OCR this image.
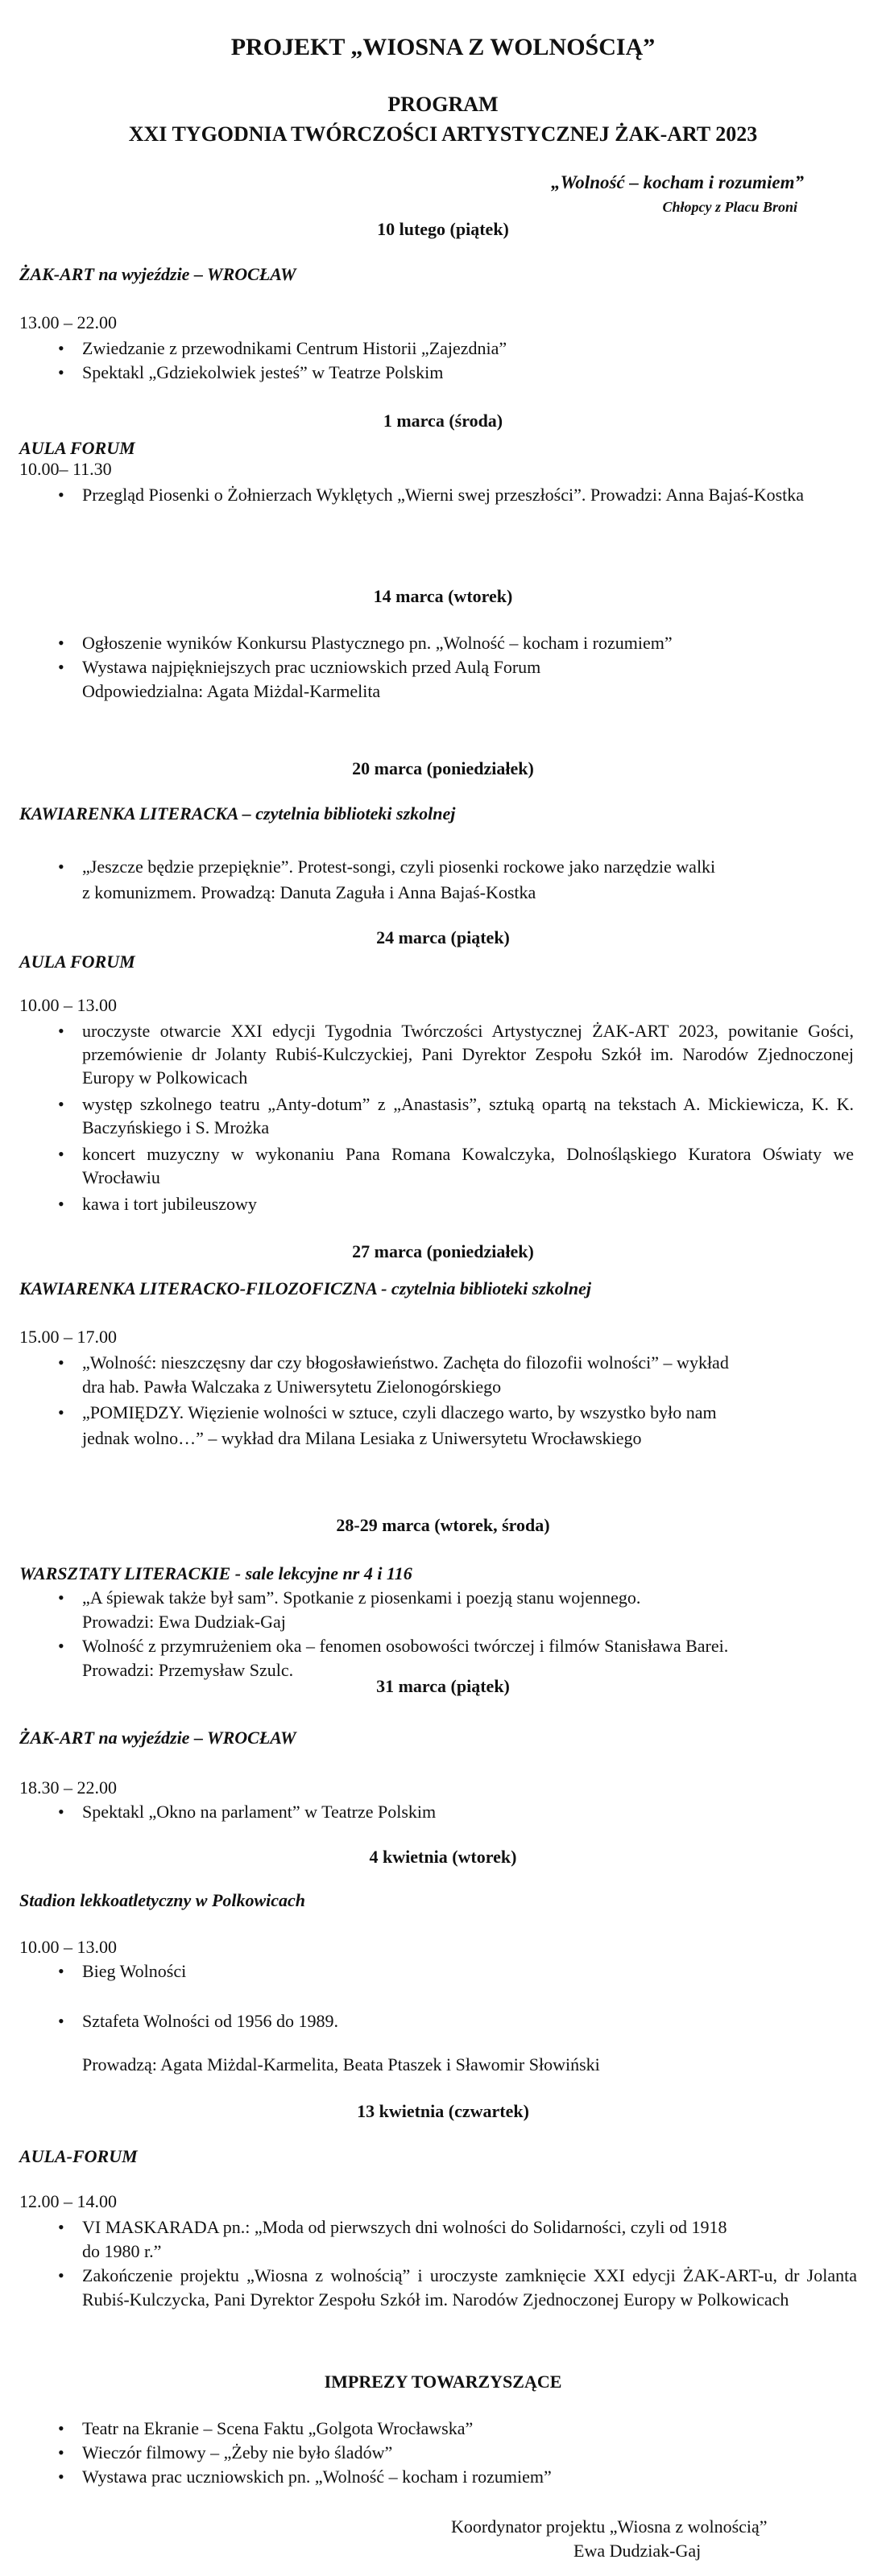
PROJEKT „WIOSNA Z WOLNOŚCIĄ”
PROGRAM
XXI TYGODNIA TWÓRCZOŚCI ARTYSTYCZNEJ ŻAK-ART 2023
„Wolność – kocham i rozumiem”
Chłopcy z Placu Broni
10 lutego (piątek)
ŻAK-ART na wyjeździe – WROCŁAW
13.00 – 22.00
• Zwiedzanie z przewodnikami Centrum Historii „Zajezdnia”
• Spektakl „Gdziekolwiek jesteś” w Teatrze Polskim
1 marca (środa)
AULA FORUM
10.00– 11.30
• Przegląd Piosenki o Żołnierzach Wyklętych „Wierni swej przeszłości”. Prowadzi: Anna Bajaś-Kostka
14 marca (wtorek)
• Ogłoszenie wyników Konkursu Plastycznego pn. „Wolność – kocham i rozumiem”
• Wystawa najpiękniejszych prac uczniowskich przed Aulą Forum
Odpowiedzialna: Agata Miżdal-Karmelita
20 marca (poniedziałek)
KAWIARENKA LITERACKA – czytelnia biblioteki szkolnej
• „Jeszcze będzie przepięknie”. Protest-songi, czyli piosenki rockowe jako narzędzie walki
z komunizmem. Prowadzą: Danuta Zaguła i Anna Bajaś-Kostka
24 marca (piątek)
AULA FORUM
10.00 – 13.00
• uroczyste otwarcie XXI edycji Tygodnia Twórczości Artystycznej ŻAK-ART 2023, powitanie Gości, przemówienie dr Jolanty Rubiś-Kulczyckiej, Pani Dyrektor Zespołu Szkół im. Narodów Zjednoczonej Europy w Polkowicach
• występ szkolnego teatru „Anty-dotum” z „Anastasis”, sztuką opartą na tekstach A. Mickiewicza, K. K. Baczyńskiego i S. Mrożka
• koncert muzyczny w wykonaniu Pana Romana Kowalczyka, Dolnośląskiego Kuratora Oświaty we Wrocławiu
• kawa i tort jubileuszowy
27 marca (poniedziałek)
KAWIARENKA LITERACKO-FILOZOFICZNA - czytelnia biblioteki szkolnej
15.00 – 17.00
• „Wolność: nieszczęsny dar czy błogosławieństwo. Zachęta do filozofii wolności” – wykład
dra hab. Pawła Walczaka z Uniwersytetu Zielonogórskiego
• „POMIĘDZY. Więzienie wolności w sztuce, czyli dlaczego warto, by wszystko było nam
jednak wolno…” – wykład dra Milana Lesiaka z Uniwersytetu Wrocławskiego
28-29 marca (wtorek, środa)
WARSZTATY LITERACKIE - sale lekcyjne nr 4 i 116
• „A śpiewak także był sam”. Spotkanie z piosenkami i poezją stanu wojennego.
Prowadzi: Ewa Dudziak-Gaj
• Wolność z przymrużeniem oka – fenomen osobowości twórczej i filmów Stanisława Barei.
Prowadzi: Przemysław Szulc.
31 marca (piątek)
ŻAK-ART na wyjeździe – WROCŁAW
18.30 – 22.00
• Spektakl „Okno na parlament” w Teatrze Polskim
4 kwietnia (wtorek)
Stadion lekkoatletyczny w Polkowicach
10.00 – 13.00
• Bieg Wolności
• Sztafeta Wolności od 1956 do 1989.
Prowadzą: Agata Miżdal-Karmelita, Beata Ptaszek i Sławomir Słowiński
13 kwietnia (czwartek)
AULA-FORUM
12.00 – 14.00
• VI MASKARADA pn.: „Moda od pierwszych dni wolności do Solidarności, czyli od 1918
do 1980 r.”
• Zakończenie projektu „Wiosna z wolnością” i uroczyste zamknięcie XXI edycji ŻAK-ART-u, dr Jolanta Rubiś-Kulczycka, Pani Dyrektor Zespołu Szkół im. Narodów Zjednoczonej Europy w Polkowicach
IMPREZY TOWARZYSZĄCE
• Teatr na Ekranie – Scena Faktu „Golgota Wrocławska”
• Wieczór filmowy – „Żeby nie było śladów”
• Wystawa prac uczniowskich pn. „Wolność – kocham i rozumiem”
Koordynator projektu „Wiosna z wolnością”
Ewa Dudziak-Gaj
